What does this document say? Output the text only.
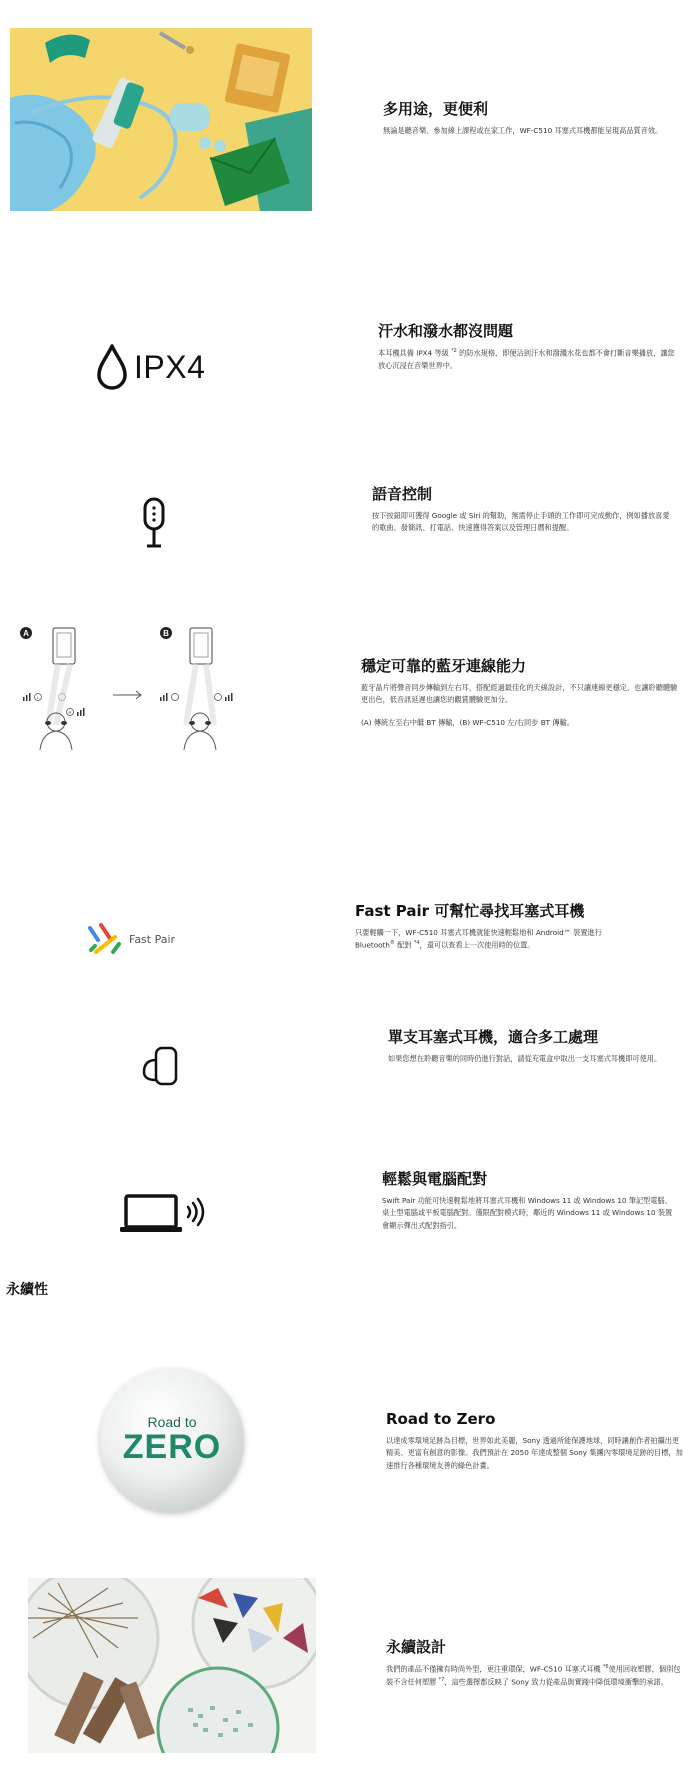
多用途，更便利

無論是聽音樂、參加線上課程或在家工作，WF-C510 耳塞式耳機都能呈現高品質音效。

IPX4
汗水和潑水都沒問題

本耳機具備 IPX4 等級 $^{*2}$ 的防水規格，即便沾到汗水和潑濺水花也都不會打斷音樂播放，讓您放心沉浸在音樂世界中。

語音控制

按下按鈕即可獲得 Google 或 Siri 的幫助，無需停止手頭的工作即可完成動作，例如播放喜愛的歌曲、發簡訊、打電話、快速獲得答案以及管理日曆和提醒。

A	B
L
R
穩定可靠的藍牙連線能力

藍牙晶片將聲音同步傳輸到左右耳，搭配經過最佳化的天線設計，不只讓連線更穩定，也讓聆聽體驗更出色，低音訊延遲也讓您的觀賞體驗更加分。

(A) 傳統左至右中繼 BT 傳輸，(B) WF-C510 左/右同步 BT 傳輸。

Fast Pair
Fast Pair 可幫忙尋找耳塞式耳機

只要輕觸一下，WF-C510 耳塞式耳機就能快速輕鬆地和 Android™ 裝置進行 Bluetooth® 配對 $^{*4}$，還可以查看上一次使用時的位置。

單支耳塞式耳機，適合多工處理

如果您想在聆聽音樂的同時仍進行對話，請從充電盒中取出一支耳塞式耳機即可使用。

輕鬆與電腦配對

Swift Pair 功能可快速輕鬆地將耳塞式耳機和 Windows 11 或 Windows 10 筆記型電腦、桌上型電腦或平板電腦配對。僅限配對模式時，鄰近的 Windows 11 或 Windows 10 裝置會顯示彈出式配對指引。

永續性
Road to
ZERO
Road to Zero

以達成零環境足跡為目標，世界如此美麗，Sony 透過所能保護地球，同時讓創作者拍攝出更精美、更富有創意的影像。我們預計在 2050 年達成整個 Sony 集團內零環境足跡的目標，加速推行各種環境友善的綠色計畫。

永續設計

我們的產品不僅擁有時尚外型，更注重環保，WF-C510 耳塞式耳機 $^{*6}$使用回收塑膠，個別包裝不含任何塑膠 $^{*7}$，這些選擇都反映了 Sony 致力從產品與實踐中降低環境衝擊的承諾。
